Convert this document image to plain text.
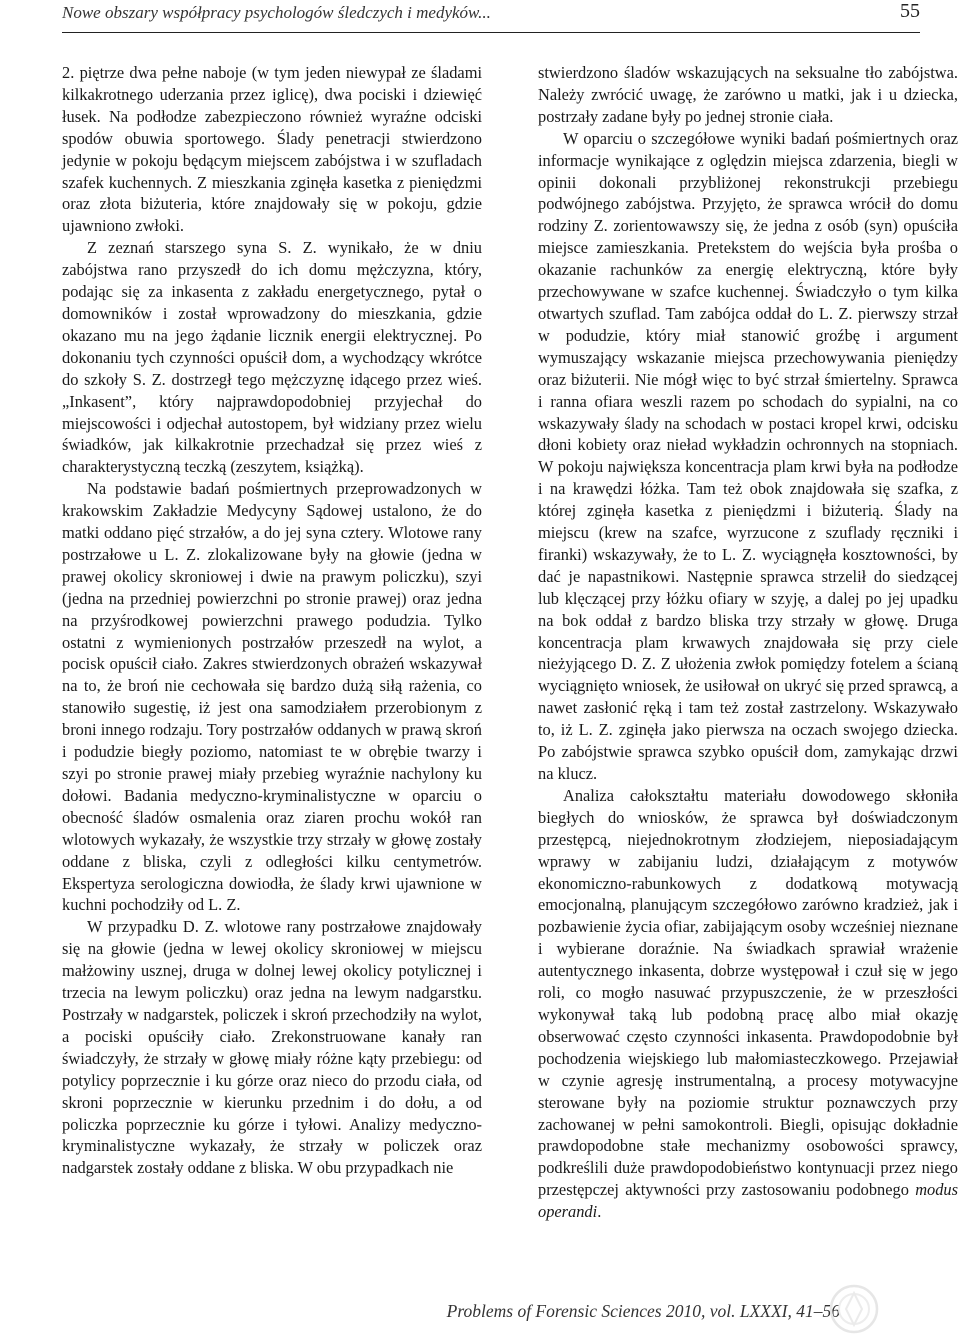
Nowe obszary współpracy psychologów śledczych i medyków...	55

2. piętrze dwa pełne naboje (w tym jeden niewypał ze śladami kilkakrotnego uderzania przez iglicę), dwa pociski i dziewięć łusek. Na podłodze zabezpieczono również wyraźne odciski spodów obuwia sportowego. Ślady penetracji stwierdzono jedynie w pokoju będącym miejscem zabójstwa i w szufladach szafek kuchennych. Z mieszkania zginęła kasetka z pieniędzmi oraz złota biżuteria, które znajdowały się w pokoju, gdzie ujawniono zwłoki.

Z zeznań starszego syna S. Z. wynikało, że w dniu zabójstwa rano przyszedł do ich domu mężczyzna, który, podając się za inkasenta z zakładu energetycznego, pytał o domowników i został wprowadzony do mieszkania, gdzie okazano mu na jego żądanie licznik energii elektrycznej. Po dokonaniu tych czynności opuścił dom, a wychodzący wkrótce do szkoły S. Z. dostrzegł tego mężczyznę idącego przez wieś. „Inkasent”, który najprawdopodobniej przyjechał do miejscowości i odjechał autostopem, był widziany przez wielu świadków, jak kilkakrotnie przechadzał się przez wieś z charakterystyczną teczką (zeszytem, książką).

Na podstawie badań pośmiertnych przeprowadzonych w krakowskim Zakładzie Medycyny Sądowej ustalono, że do matki oddano pięć strzałów, a do jej syna cztery. Wlotowe rany postrzałowe u L. Z. zlokalizowane były na głowie (jedna w prawej okolicy skroniowej i dwie na prawym policzku), szyi (jedna na przedniej powierzchni po stronie prawej) oraz jedna na przyśrodkowej powierzchni prawego podudzia. Tylko ostatni z wymienionych postrzałów przeszedł na wylot, a pocisk opuścił ciało. Zakres stwierdzonych obrażeń wskazywał na to, że broń nie cechowała się bardzo dużą siłą rażenia, co stanowiło sugestię, iż jest ona samodziałem przerobionym z broni innego rodzaju. Tory postrzałów oddanych w prawą skroń i podudzie biegły poziomo, natomiast te w obrębie twarzy i szyi po stronie prawej miały przebieg wyraźnie nachylony ku dołowi. Badania medyczno-kryminalistyczne w oparciu o obecność śladów osmalenia oraz ziaren prochu wokół ran wlotowych wykazały, że wszystkie trzy strzały w głowę zostały oddane z bliska, czyli z odległości kilku centymetrów. Ekspertyza serologiczna dowiodła, że ślady krwi ujawnione w kuchni pochodziły od L. Z.

W przypadku D. Z. wlotowe rany postrzałowe znajdowały się na głowie (jedna w lewej okolicy skroniowej w miejscu małżowiny usznej, druga w dolnej lewej okolicy potylicznej i trzecia na lewym policzku) oraz jedna na lewym nadgarstku. Postrzały w nadgarstek, policzek i skroń przechodziły na wylot, a pociski opuściły ciało. Zrekonstruowane kanały ran świadczyły, że strzały w głowę miały różne kąty przebiegu: od potylicy poprzecznie i ku górze oraz nieco do przodu ciała, od skroni poprzecznie w kierunku przednim i do dołu, a od policzka poprzecznie ku górze i tyłowi. Analizy medyczno-kryminalistyczne wykazały, że strzały w policzek oraz nadgarstek zostały oddane z bliska. W obu przypadkach nie

stwierdzono śladów wskazujących na seksualne tło zabójstwa. Należy zwrócić uwagę, że zarówno u matki, jak i u dziecka, postrzały zadane były po jednej stronie ciała.

W oparciu o szczegółowe wyniki badań pośmiertnych oraz informacje wynikające z oględzin miejsca zdarzenia, biegli w opinii dokonali przybliżonej rekonstrukcji przebiegu podwójnego zabójstwa. Przyjęto, że sprawca wrócił do domu rodziny Z. zorientowawszy się, że jedna z osób (syn) opuściła miejsce zamieszkania. Pretekstem do wejścia była prośba o okazanie rachunków za energię elektryczną, które były przechowywane w szafce kuchennej. Świadczyło o tym kilka otwartych szuflad. Tam zabójca oddał do L. Z. pierwszy strzał w podudzie, który miał stanowić groźbę i argument wymuszający wskazanie miejsca przechowywania pieniędzy oraz biżuterii. Nie mógł więc to być strzał śmiertelny. Sprawca i ranna ofiara weszli razem po schodach do sypialni, na co wskazywały ślady na schodach w postaci kropel krwi, odcisku dłoni kobiety oraz nieład wykładzin ochronnych na stopniach. W pokoju największa koncentracja plam krwi była na podłodze i na krawędzi łóżka. Tam też obok znajdowała się szafka, z której zginęła kasetka z pieniędzmi i biżuterią. Ślady na miejscu (krew na szafce, wyrzucone z szuflady ręczniki i firanki) wskazywały, że to L. Z. wyciągnęła kosztowności, by dać je napastnikowi. Następnie sprawca strzelił do siedzącej lub klęczącej przy łóżku ofiary w szyję, a dalej po jej upadku na bok oddał z bardzo bliska trzy strzały w głowę. Druga koncentracja plam krwawych znajdowała się przy ciele nieżyjącego D. Z. Z ułożenia zwłok pomiędzy fotelem a ścianą wyciągnięto wniosek, że usiłował on ukryć się przed sprawcą, a nawet zasłonić ręką i tam też został zastrzelony. Wskazywało to, iż L. Z. zginęła jako pierwsza na oczach swojego dziecka. Po zabójstwie sprawca szybko opuścił dom, zamykając drzwi na klucz.

Analiza całokształtu materiału dowodowego skłoniła biegłych do wniosków, że sprawca był doświadczonym przestępcą, niejednokrotnym złodziejem, nieposiadającym wprawy w zabijaniu ludzi, działającym z motywów ekonomiczno-rabunkowych z dodatkową motywacją emocjonalną, planującym szczegółowo zarówno kradzież, jak i pozbawienie życia ofiar, zabijającym osoby wcześniej nieznane i wybierane doraźnie. Na świadkach sprawiał wrażenie autentycznego inkasenta, dobrze występował i czuł się w jego roli, co mogło nasuwać przypuszczenie, że w przeszłości wykonywał taką lub podobną pracę albo miał okazję obserwować często czynności inkasenta. Prawdopodobnie był pochodzenia wiejskiego lub małomiasteczkowego. Przejawiał w czynie agresję instrumentalną, a procesy motywacyjne sterowane były na poziomie struktur poznawczych przy zachowanej w pełni samokontroli. Biegli, opisując dokładnie prawdopodobne stałe mechanizmy osobowości sprawcy, podkreślili duże prawdopodobieństwo kontynuacji przez niego przestępczej aktywności przy zastosowaniu podobnego modus operandi.

Problems of Forensic Sciences 2010, vol. LXXXI, 41–56
